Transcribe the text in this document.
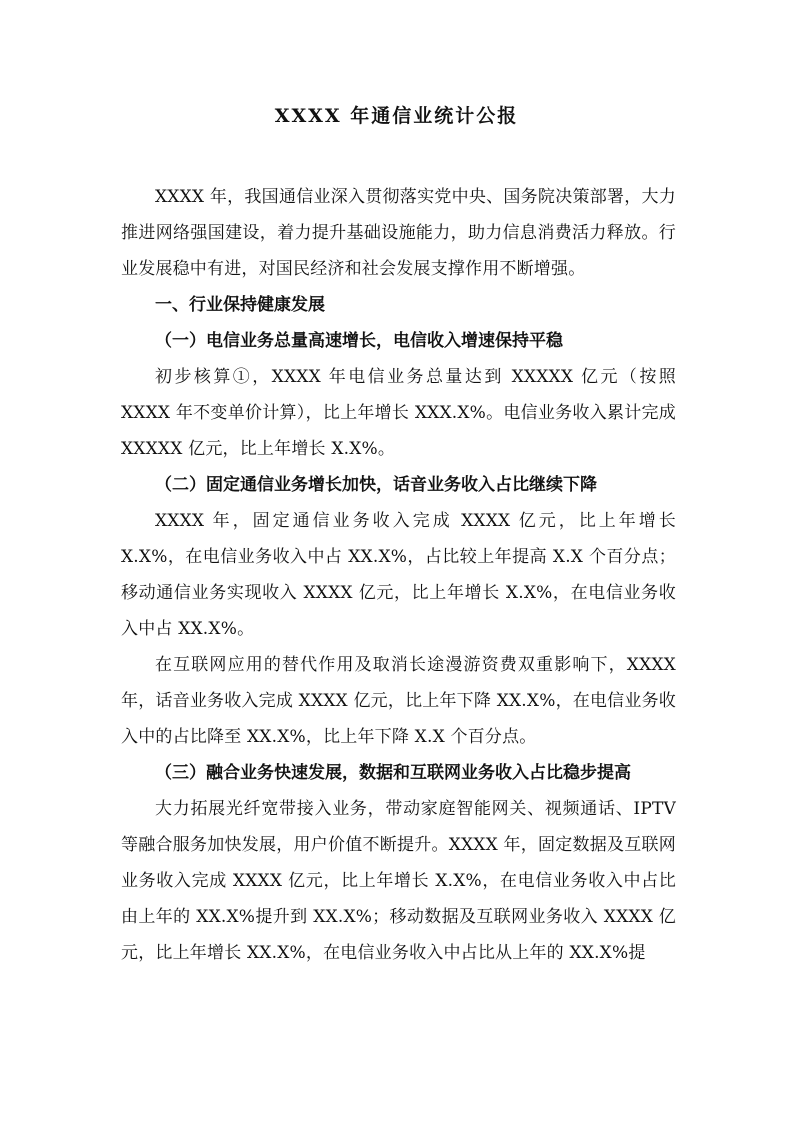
XXXX 年通信业统计公报

XXXX 年，我国通信业深入贯彻落实党中央、国务院决策部署，大力推进网络强国建设，着力提升基础设施能力，助力信息消费活力释放。行业发展稳中有进，对国民经济和社会发展支撑作用不断增强。

一、行业保持健康发展

（一）电信业务总量高速增长，电信收入增速保持平稳

初步核算①，XXXX 年电信业务总量达到 XXXXX 亿元（按照 XXXX 年不变单价计算），比上年增长 XXX.X%。电信业务收入累计完成 XXXXX 亿元，比上年增长 X.X%。

（二）固定通信业务增长加快，话音业务收入占比继续下降

XXXX 年，固定通信业务收入完成 XXXX 亿元，比上年增长 X.X%，在电信业务收入中占 XX.X%，占比较上年提高 X.X 个百分点；移动通信业务实现收入 XXXX 亿元，比上年增长 X.X%，在电信业务收入中占 XX.X%。

在互联网应用的替代作用及取消长途漫游资费双重影响下，XXXX 年，话音业务收入完成 XXXX 亿元，比上年下降 XX.X%，在电信业务收入中的占比降至 XX.X%，比上年下降 X.X 个百分点。

（三）融合业务快速发展，数据和互联网业务收入占比稳步提高

大力拓展光纤宽带接入业务，带动家庭智能网关、视频通话、IPTV 等融合服务加快发展，用户价值不断提升。XXXX 年，固定数据及互联网业务收入完成 XXXX 亿元，比上年增长 X.X%，在电信业务收入中占比由上年的 XX.X%提升到 XX.X%；移动数据及互联网业务收入 XXXX 亿元，比上年增长 XX.X%，在电信业务收入中占比从上年的 XX.X%提
